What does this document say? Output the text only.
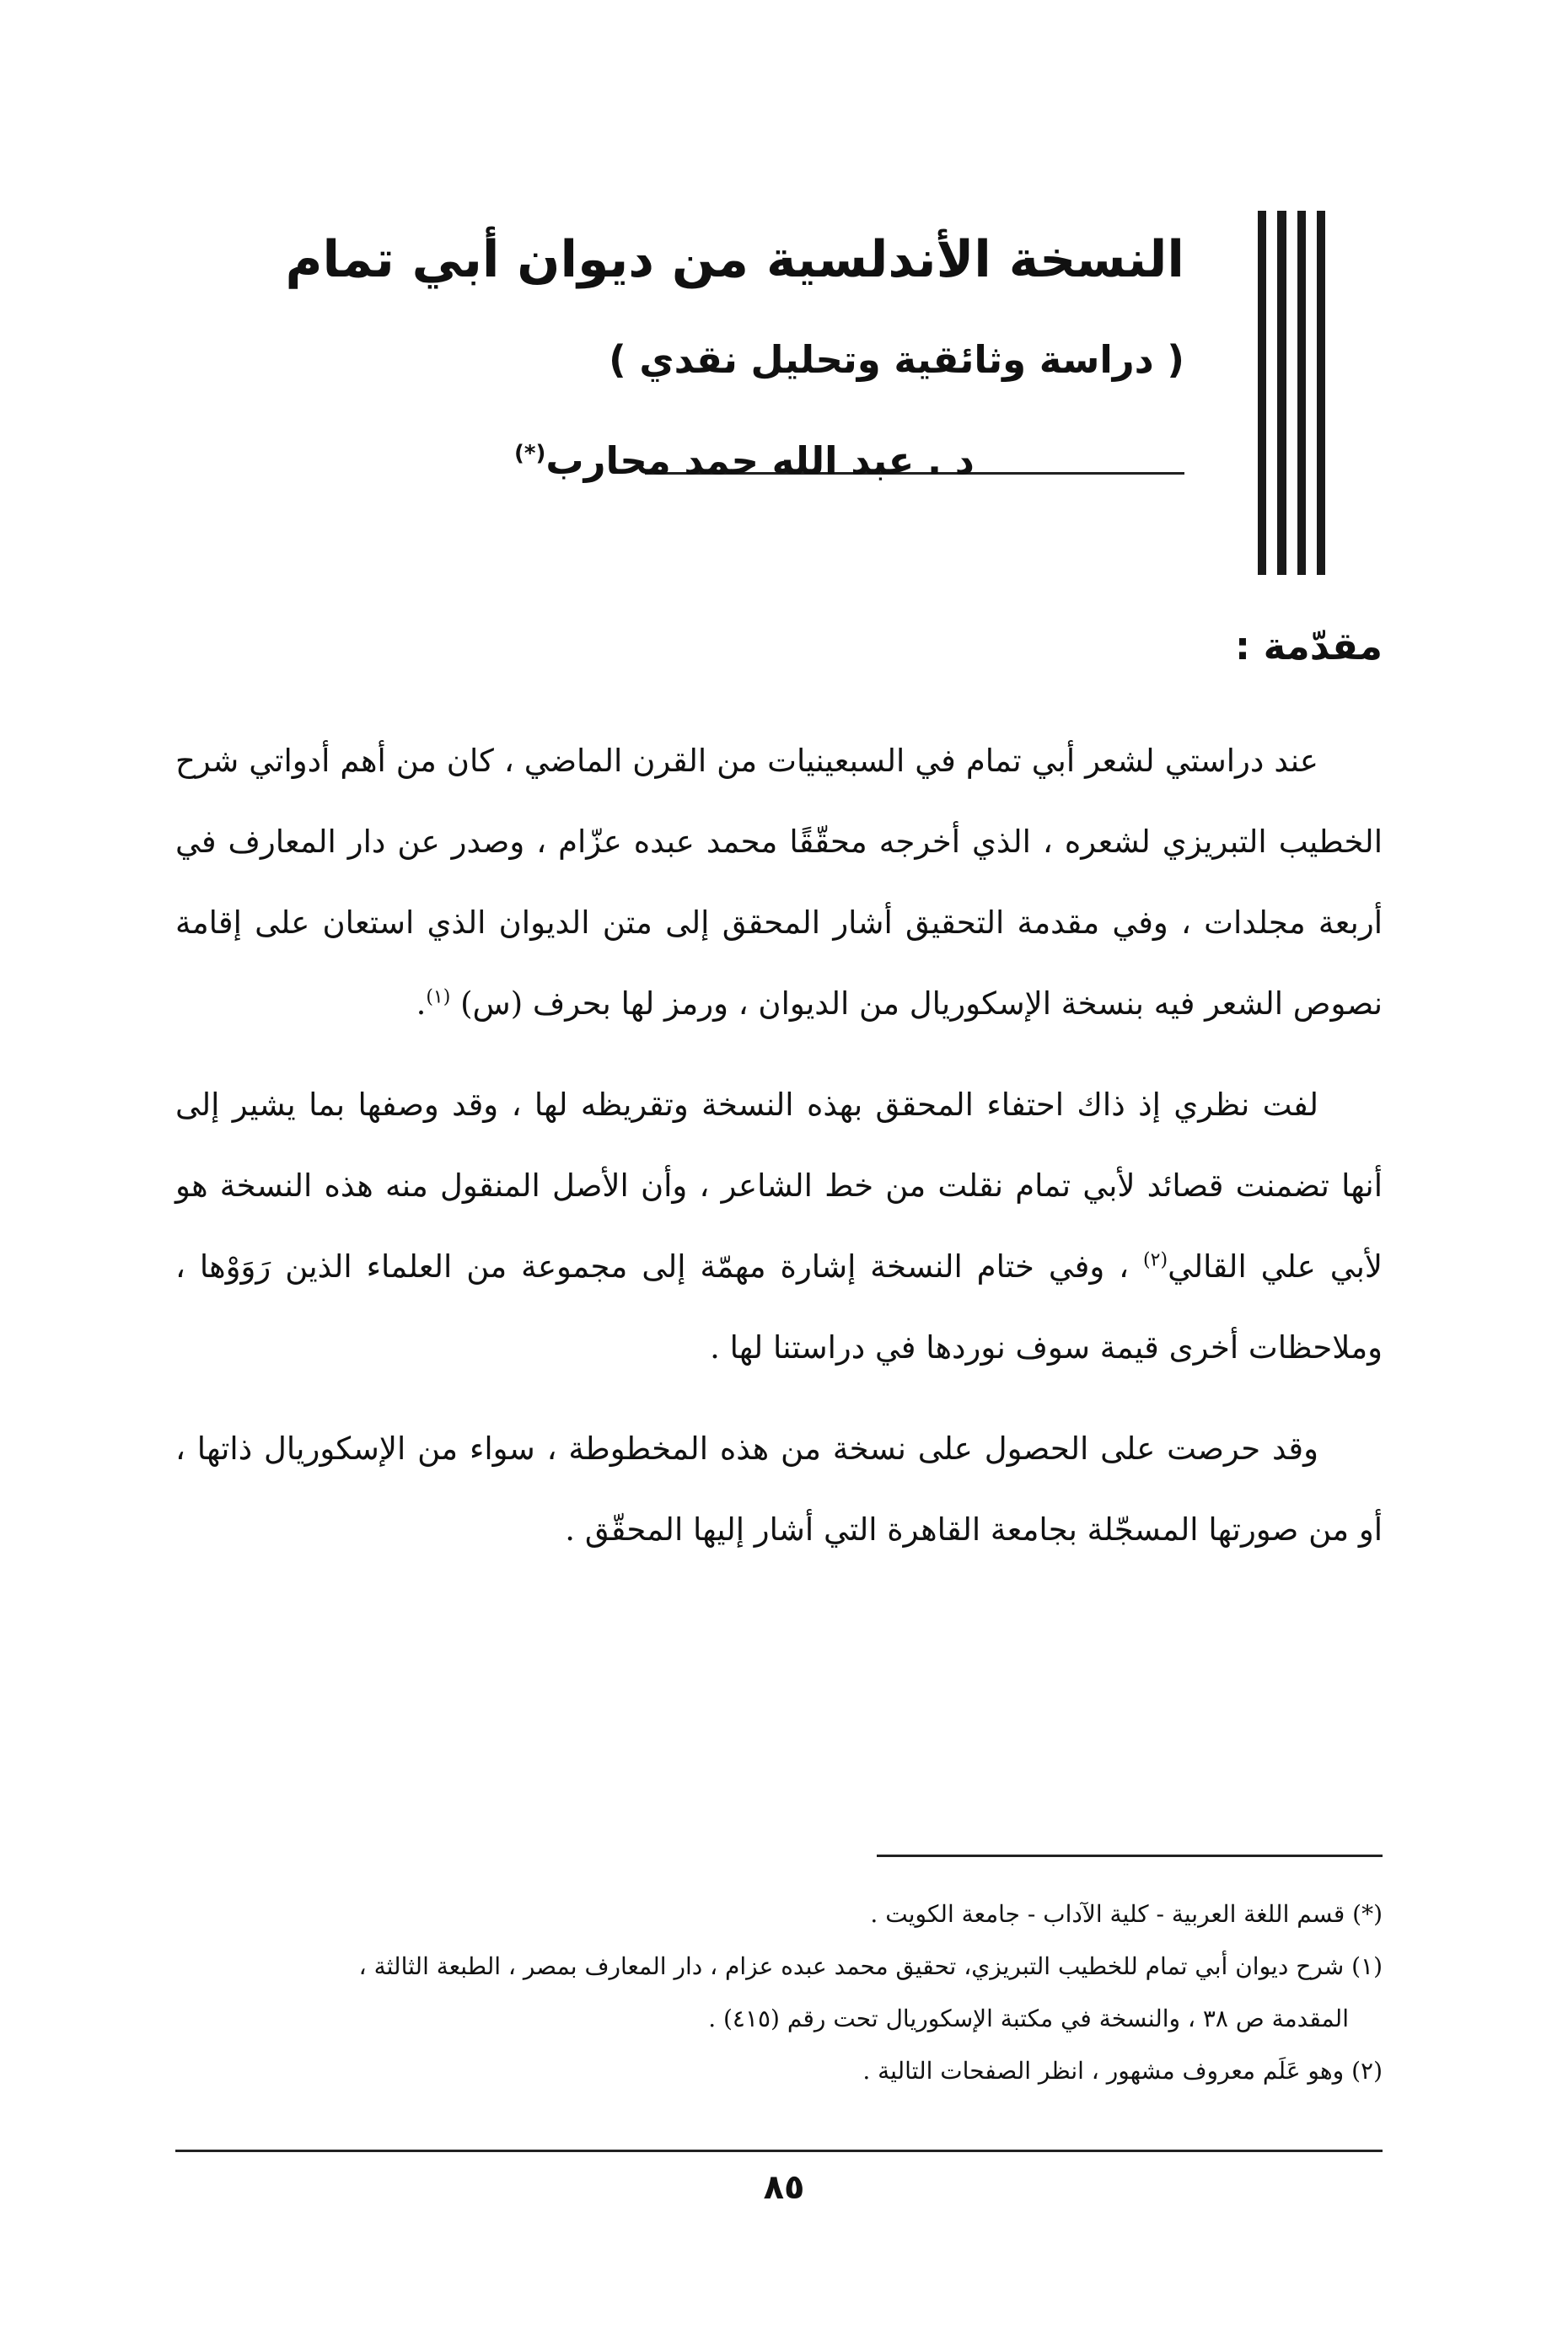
النسخة الأندلسية من ديوان أبي تمام
( دراسة وثائقية وتحليل نقدي )
د . عبد الله حمد محارب(*)
مقدّمة :

عند دراستي لشعر أبي تمام في السبعينيات من القرن الماضي ، كان من أهم أدواتي شرح الخطيب التبريزي لشعره ، الذي أخرجه محقّقًا محمد عبده عزّام ، وصدر عن دار المعارف في أربعة مجلدات ، وفي مقدمة التحقيق أشار المحقق إلى متن الديوان الذي استعان على إقامة نصوص الشعر فيه بنسخة الإسكوريال من الديوان ، ورمز لها بحرف (س) $^{(١)}$.

لفت نظري إذ ذاك احتفاء المحقق بهذه النسخة وتقريظه لها ، وقد وصفها بما يشير إلى أنها تضمنت قصائد لأبي تمام نقلت من خط الشاعر ، وأن الأصل المنقول منه هذه النسخة هو لأبي علي القالي$^{(٢)}$ ، وفي ختام النسخة إشارة مهمّة إلى مجموعة من العلماء الذين رَوَوْها ، وملاحظات أخرى قيمة سوف نوردها في دراستنا لها .

وقد حرصت على الحصول على نسخة من هذه المخطوطة ، سواء من الإسكوريال ذاتها ، أو من صورتها المسجّلة بجامعة القاهرة التي أشار إليها المحقّق .

(*) قسم اللغة العربية - كلية الآداب - جامعة الكويت .

(١) شرح ديوان أبي تمام للخطيب التبريزي، تحقيق محمد عبده عزام ، دار المعارف بمصر ، الطبعة الثالثة ،

المقدمة ص ٣٨ ، والنسخة في مكتبة الإسكوريال تحت رقم (٤١٥) .

(٢) وهو عَلَم معروف مشهور ، انظر الصفحات التالية .

٨٥
